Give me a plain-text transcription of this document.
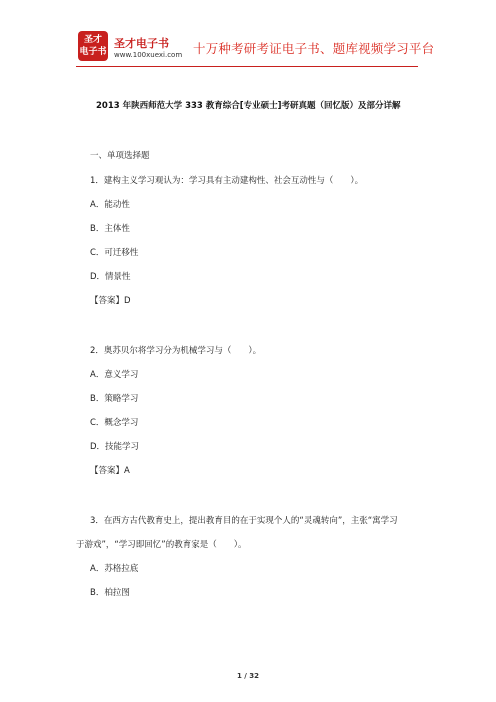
圣才
电子书
圣才电子书
www.100xuexi.com 十万种考研考证电子书、题库视频学习平台
2013 年陕西师范大学 333 教育综合[专业硕士]考研真题（回忆版）及部分详解
一、单项选择题
1．建构主义学习观认为：学习具有主动建构性、社会互动性与（　　）。
A．能动性
B．主体性
C．可迁移性
D．情景性
【答案】D
2．奥苏贝尔将学习分为机械学习与（　　）。
A．意义学习
B．策略学习
C．概念学习
D．技能学习
【答案】A
3．在西方古代教育史上，提出教育目的在于实现个人的“灵魂转向”，主张“寓学习
于游戏”，“学习即回忆”的教育家是（　　）。
A．苏格拉底
B．柏拉图
1 / 32
